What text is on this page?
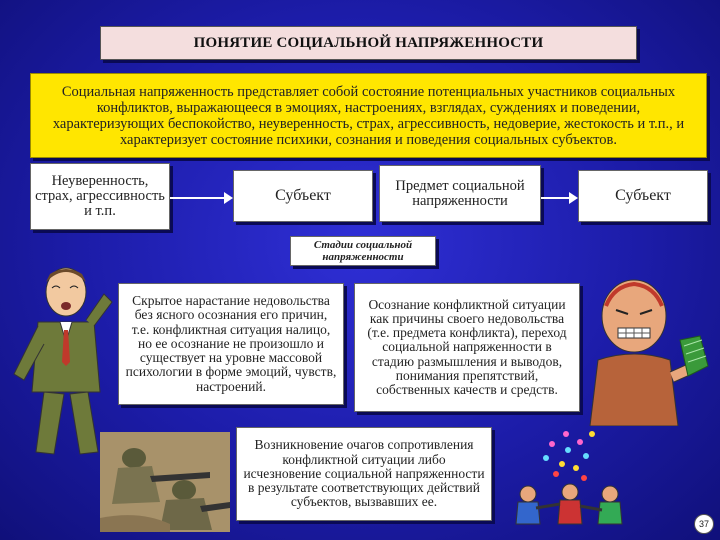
ПОНЯТИЕ СОЦИАЛЬНОЙ НАПРЯЖЕННОСТИ
Социальная напряженность представляет собой состояние потенциальных участников социальных конфликтов, выражающееся в эмоциях, настроениях, взглядах, суждениях и поведении, характеризующих беспокойство, неуверенность, страх, агрессивность, недоверие, жестокость и т.п., и характеризует состояние психики, сознания и поведения социальных субъектов.
Неуверенность, страх, агрессивность и т.п.
Субъект
Предмет социальной напряженности	Субъект
Стадии социальной напряженности
Скрытое нарастание недовольства без ясного осознания его причин, т.е. конфликтная ситуация налицо, но ее осознание не произошло и существует на уровне массовой психологии в форме эмоций, чувств, настроений.
Осознание конфликтной ситуации как причины своего недовольства (т.е. предмета конфликта), переход социальной напряженности в стадию размышления и выводов, понимания препятствий, собственных качеств и средств.
Возникновение очагов сопротивления конфликтной ситуации либо исчезновение социальной напряженности в результате соответствующих действий субъектов, вызвавших ее.
37
